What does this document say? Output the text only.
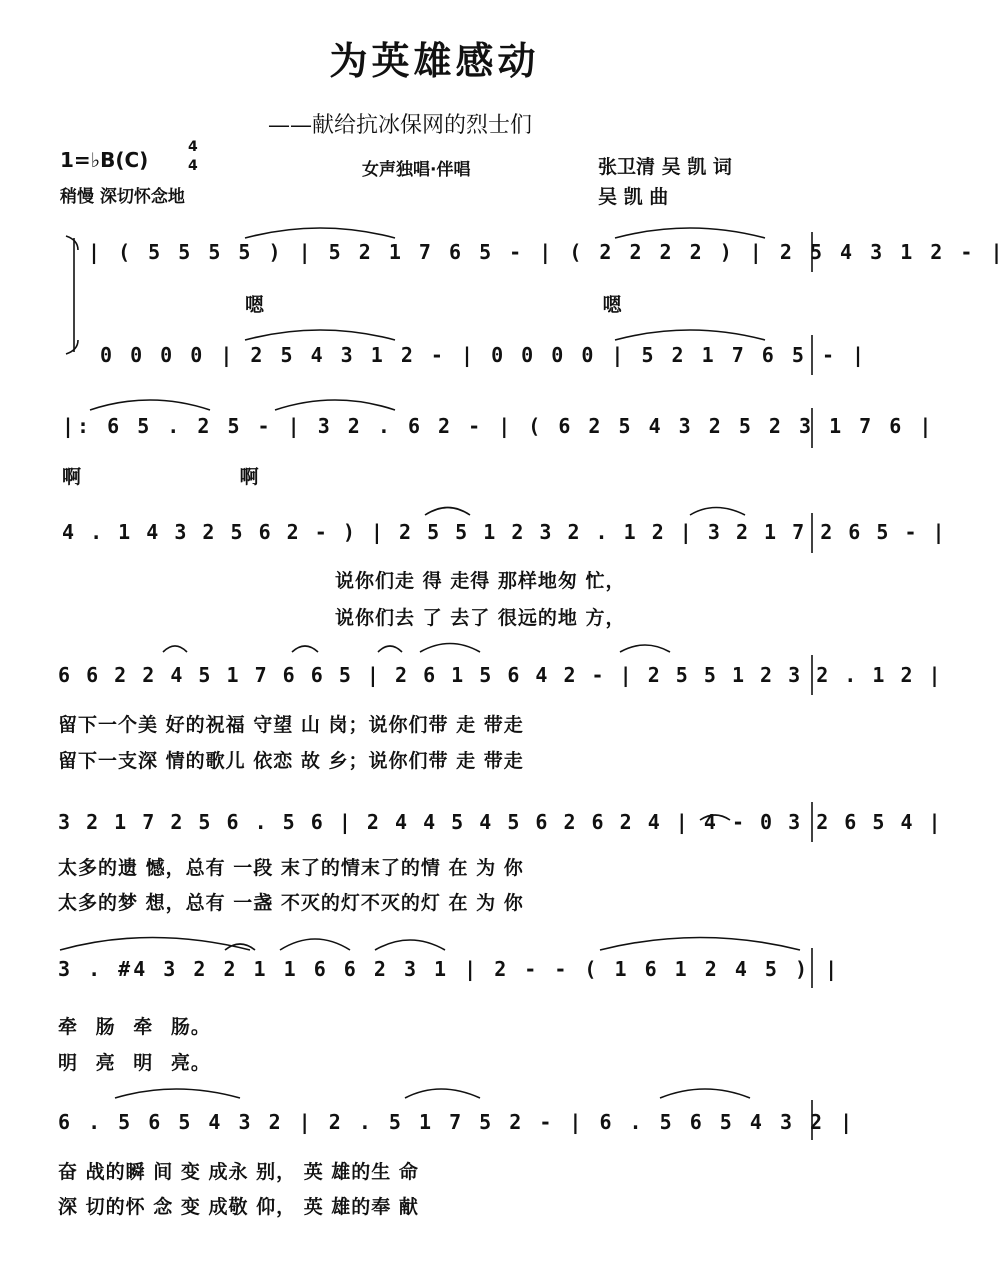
为英雄感动
——献给抗冰保网的烈士们
1=♭B(C)
4
4
稍慢 深切怀念地
女声独唱·伴唱	张卫清 吴 凯 词
吴 凯 曲
| ( 5 5 5 5 ) | 5 2 1 7 6 5 - | ( 2 2 2 2 ) | 2 5 4 3 1 2 - |
嗯 嗯
0 0 0 0 | 2 5 4 3 1 2 - | 0 0 0 0 | 5 2 1 7 6 5 - |
|: 6 5 . 2 5 - | 3 2 . 6 2 - | ( 6 2 5 4 3 2 5 2 3 1 7 6 |
啊 啊
4 . 1 4 3 2 5 6 2 - ) | 2 5 5 1 2 3 2 . 1 2 | 3 2 1 7 2 6 5 - |
说你们走 得 走得 那样地匆 忙，
说你们去 了 去了 很远的地 方，
6 6 2 2 4 5 1 7 6 6 5 | 2 6 1 5 6 4 2 - | 2 5 5 1 2 3 2 . 1 2 |
留下一个美 好的祝福 守望 山 岗；说你们带 走 带走
留下一支深 情的歌儿 依恋 故 乡；说你们带 走 带走
3 2 1 7 2 5 6 . 5 6 | 2 4 4 5 4 5 6 2 6 2 4 | 4 - 0 3 2 6 5 4 |
太多的遗 憾，总有 一段 末了的情末了的情 在 为 你
太多的梦 想，总有 一盏 不灭的灯不灭的灯 在 为 你
3 . #4 3 2 2 1 1 6 6 2 3 1 | 2 - - ( 1 6 1 2 4 5 ) |
牵 肠 牵 肠。
明 亮 明 亮。
6 . 5 6 5 4 3 2 | 2 . 5 1 7 5 2 - | 6 . 5 6 5 4 3 2 |
奋 战的瞬 间 变 成永 别， 英 雄的生 命
深 切的怀 念 变 成敬 仰， 英 雄的奉 献
